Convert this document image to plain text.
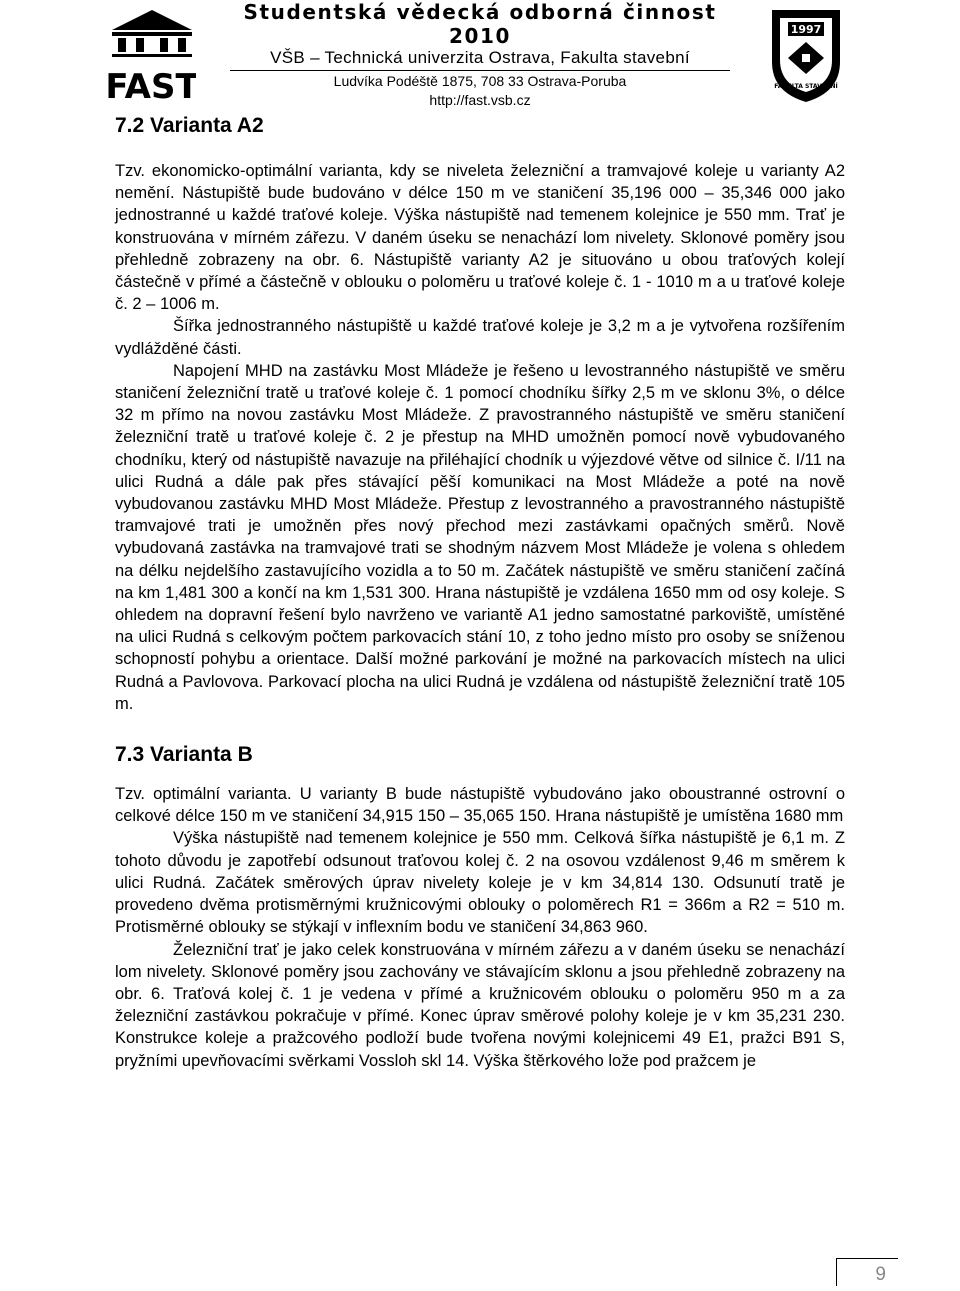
FAST
Studentská vědecká odborná činnost 2010
VŠB – Technická univerzita Ostrava, Fakulta stavební
Ludvíka Podéště 1875, 708 33 Ostrava-Poruba
http://fast.vsb.cz
1997
FAKULTA STAVEBNÍ
7.2 Varianta A2

Tzv. ekonomicko-optimální varianta, kdy se niveleta železniční a tramvajové koleje u varianty A2 nemění. Nástupiště bude budováno v délce 150 m ve staničení 35,196 000 – 35,346 000 jako jednostranné u každé traťové koleje. Výška nástupiště nad temenem kolejnice je 550 mm. Trať je konstruována v mírném zářezu. V daném úseku se nenachází lom nivelety. Sklonové poměry jsou přehledně zobrazeny na obr. 6. Nástupiště varianty A2 je situováno u obou traťových kolejí částečně v přímé a částečně v oblouku o poloměru u traťové koleje č. 1 - 1010 m a u traťové koleje č. 2 – 1006 m.

Šířka jednostranného nástupiště u každé traťové koleje je 3,2 m a je vytvořena rozšířením vydlážděné části.

Napojení MHD na zastávku Most Mládeže je řešeno u levostranného nástupiště ve směru staničení železniční tratě u traťové koleje č. 1 pomocí chodníku šířky 2,5 m ve sklonu 3%, o délce 32 m přímo na novou zastávku Most Mládeže. Z pravostranného nástupiště ve směru staničení železniční tratě u traťové koleje č. 2 je přestup na MHD umožněn pomocí nově vybudovaného chodníku, který od nástupiště navazuje na přiléhající chodník u výjezdové větve od silnice č. I/11 na ulici Rudná a dále pak přes stávající pěší komunikaci na Most Mládeže a poté na nově vybudovanou zastávku MHD Most Mládeže. Přestup z levostranného a pravostranného nástupiště tramvajové trati je umožněn přes nový přechod mezi zastávkami opačných směrů. Nově vybudovaná zastávka na tramvajové trati se shodným názvem Most Mládeže je volena s ohledem na délku nejdelšího zastavujícího vozidla a to 50 m. Začátek nástupiště ve směru staničení začíná na km 1,481 300 a končí na km 1,531 300. Hrana nástupiště je vzdálena 1650 mm od osy koleje. S ohledem na dopravní řešení bylo navrženo ve variantě A1 jedno samostatné parkoviště, umístěné na ulici Rudná s celkovým počtem parkovacích stání 10, z toho jedno místo pro osoby se sníženou schopností pohybu a orientace. Další možné parkování je možné na parkovacích místech na ulici Rudná a Pavlovova. Parkovací plocha na ulici Rudná je vzdálena od nástupiště železniční tratě 105 m.

7.3 Varianta B

Tzv. optimální varianta. U varianty B bude nástupiště vybudováno jako oboustranné ostrovní o celkové délce 150 m ve staničení 34,915 150 – 35,065 150. Hrana nástupiště je umístěna 1680 mm

Výška nástupiště nad temenem kolejnice je 550 mm. Celková šířka nástupiště je 6,1 m. Z tohoto důvodu je zapotřebí odsunout traťovou kolej č. 2 na osovou vzdálenost 9,46 m směrem k ulici Rudná. Začátek směrových úprav nivelety koleje je v km 34,814 130. Odsunutí tratě je provedeno dvěma protisměrnými kružnicovými oblouky o poloměrech R1 = 366m a R2 = 510 m. Protisměrné oblouky se stýkají v inflexním bodu ve staničení 34,863 960.

Železniční trať je jako celek konstruována v mírném zářezu a v daném úseku se nenachází lom nivelety. Sklonové poměry jsou zachovány ve stávajícím sklonu a jsou přehledně zobrazeny na obr. 6. Traťová kolej č. 1 je vedena v přímé a kružnicovém oblouku o poloměru 950 m a za železniční zastávkou pokračuje v přímé. Konec úprav směrové polohy koleje je v km 35,231 230. Konstrukce koleje a pražcového podloží bude tvořena novými kolejnicemi 49 E1, pražci B91 S, pryžními upevňovacími svěrkami Vossloh skl 14. Výška štěrkového lože pod pražcem je

9
